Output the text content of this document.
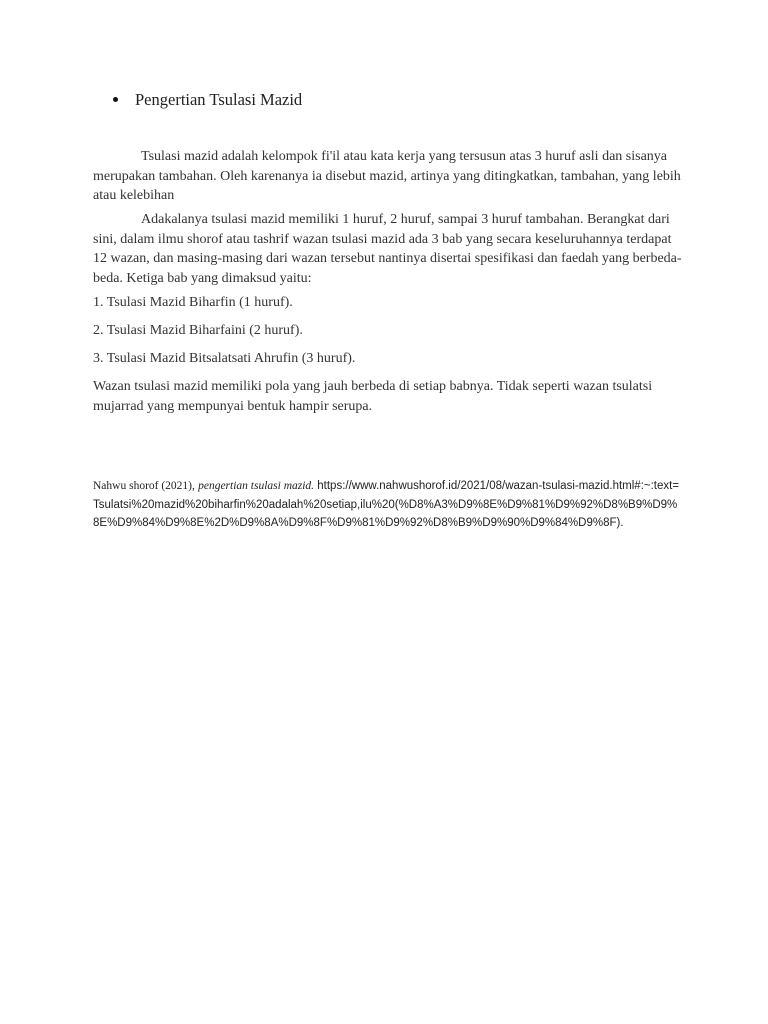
Pengertian Tsulasi Mazid

Tsulasi mazid adalah kelompok fi'il atau kata kerja yang tersusun atas 3 huruf asli dan sisanya merupakan tambahan. Oleh karenanya ia disebut mazid, artinya yang ditingkatkan, tambahan, yang lebih atau kelebihan

Adakalanya tsulasi mazid memiliki 1 huruf, 2 huruf, sampai 3 huruf tambahan. Berangkat dari sini, dalam ilmu shorof atau tashrif wazan tsulasi mazid ada 3 bab yang secara keseluruhannya terdapat 12 wazan, dan masing-masing dari wazan tersebut nantinya disertai spesifikasi dan faedah yang berbeda-beda. Ketiga bab yang dimaksud yaitu:

1. Tsulasi Mazid Biharfin (1 huruf).

2. Tsulasi Mazid Biharfaini (2 huruf).

3. Tsulasi Mazid Bitsalatsati Ahrufin (3 huruf).

Wazan tsulasi mazid memiliki pola yang jauh berbeda di setiap babnya. Tidak seperti wazan tsulatsi mujarrad yang mempunyai bentuk hampir serupa.

Nahwu shorof (2021), pengertian tsulasi mazid. https://www.nahwushorof.id/2021/08/wazan-tsulasi-mazid.html#:~:text=Tsulatsi%20mazid%20biharfin%20adalah%20setiap,ilu%20(%D8%A3%D9%8E%D9%81%D9%92%D8%B9%D9%8E%D9%84%D9%8E%2D%D9%8A%D9%8F%D9%81%D9%92%D8%B9%D9%90%D9%84%D9%8F).
